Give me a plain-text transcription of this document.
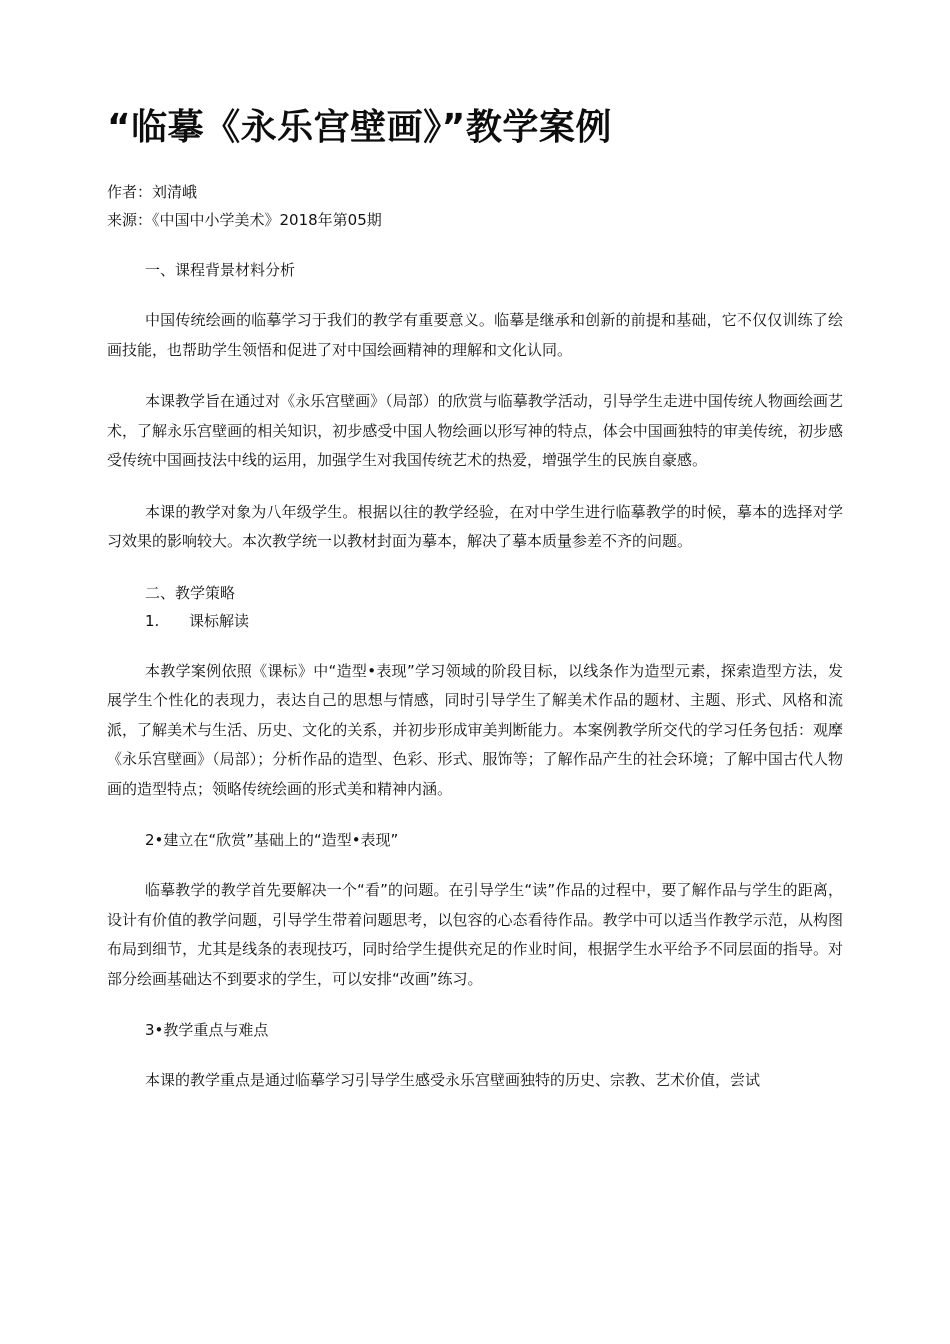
“临摹《永乐宫壁画》”教学案例
作者：刘清峨
来源：《中国中小学美术》2018年第05期

一、课程背景材料分析

中国传统绘画的临摹学习于我们的教学有重要意义。临摹是继承和创新的前提和基础，它不仅仅训练了绘画技能，也帮助学生领悟和促进了对中国绘画精神的理解和文化认同。

本课教学旨在通过对《永乐宫壁画》（局部）的欣赏与临摹教学活动，引导学生走进中国传统人物画绘画艺术，了解永乐宫壁画的相关知识，初步感受中国人物绘画以形写神的特点，体会中国画独特的审美传统，初步感受传统中国画技法中线的运用，加强学生对我国传统艺术的热爱，增强学生的民族自豪感。

本课的教学对象为八年级学生。根据以往的教学经验，在对中学生进行临摹教学的时候，摹本的选择对学习效果的影响较大。本次教学统一以教材封面为摹本，解决了摹本质量参差不齐的问题。

二、教学策略

1. 课标解读

本教学案例依照《课标》中“造型•表现”学习领域的阶段目标，以线条作为造型元素，探索造型方法，发展学生个性化的表现力，表达自己的思想与情感，同时引导学生了解美术作品的题材、主题、形式、风格和流派，了解美术与生活、历史、文化的关系，并初步形成审美判断能力。本案例教学所交代的学习任务包括：观摩《永乐宫壁画》（局部）；分析作品的造型、色彩、形式、服饰等；了解作品产生的社会环境；了解中国古代人物画的造型特点；领略传统绘画的形式美和精神内涵。

2•建立在“欣赏”基础上的“造型•表现”

临摹教学的教学首先要解决一个“看”的问题。在引导学生“读”作品的过程中，要了解作品与学生的距离，设计有价值的教学问题，引导学生带着问题思考，以包容的心态看待作品。教学中可以适当作教学示范，从构图布局到细节，尤其是线条的表现技巧，同时给学生提供充足的作业时间，根据学生水平给予不同层面的指导。对部分绘画基础达不到要求的学生，可以安排“改画”练习。

3•教学重点与难点

本课的教学重点是通过临摹学习引导学生感受永乐宫壁画独特的历史、宗教、艺术价值，尝试
